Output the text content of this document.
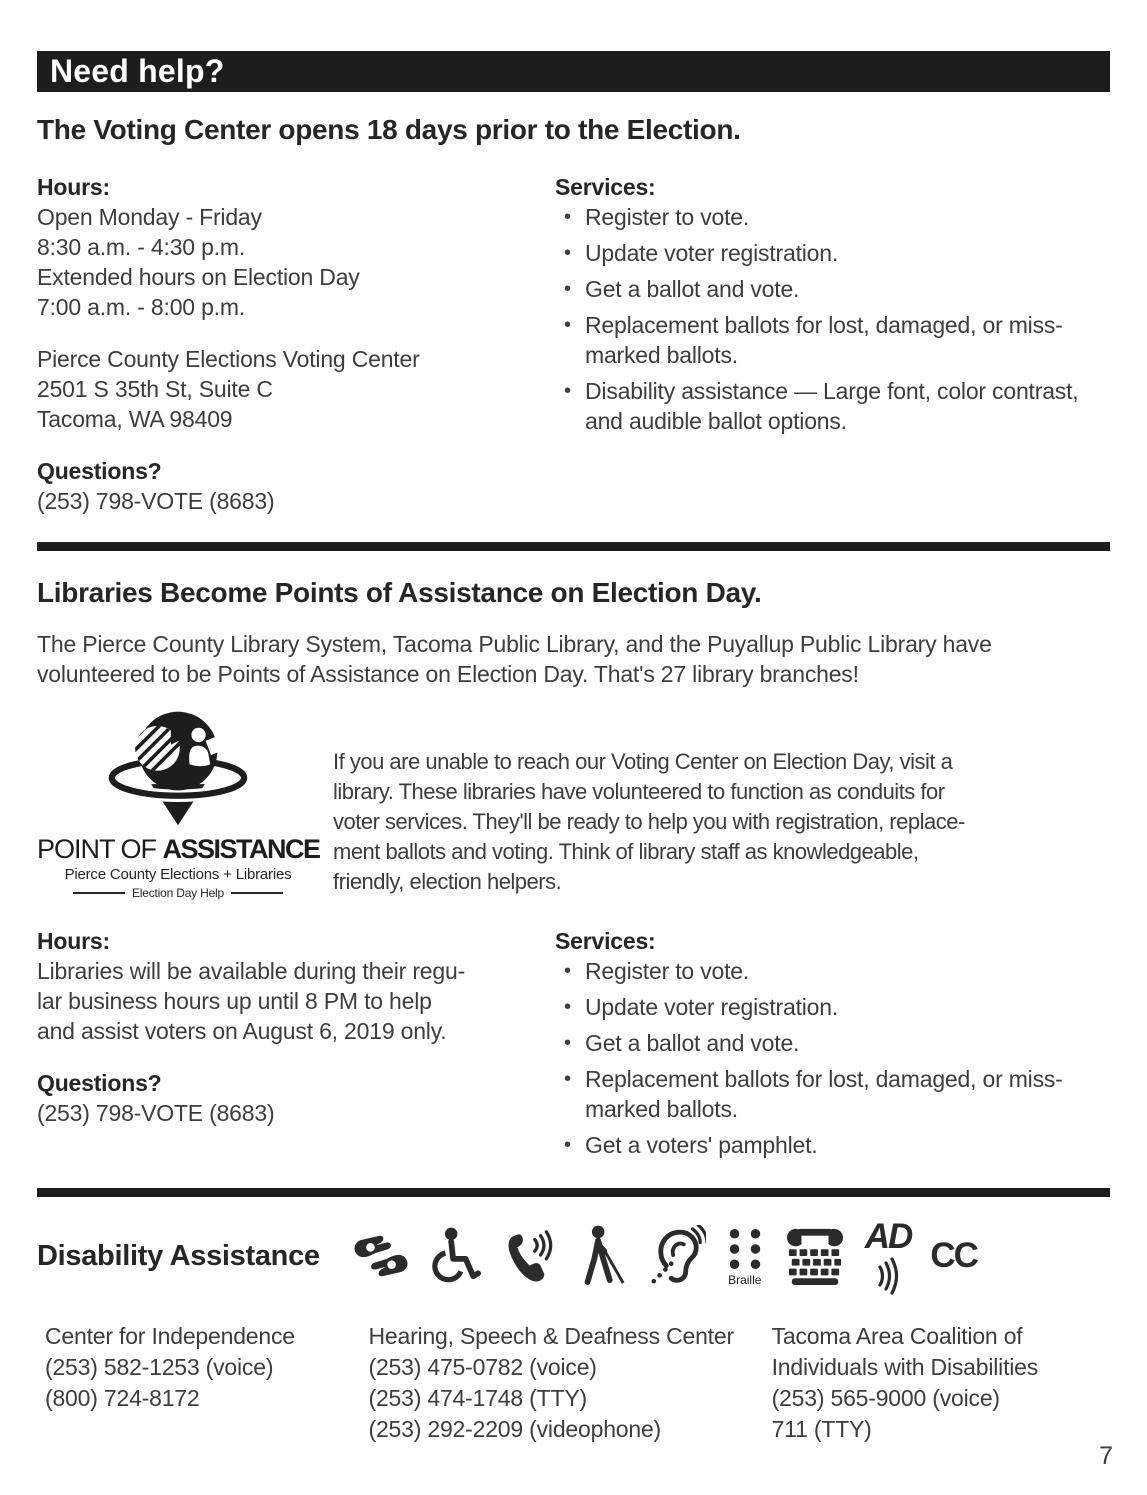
Need help?
The Voting Center opens 18 days prior to the Election.
Hours:
Open Monday - Friday
8:30 a.m. - 4:30 p.m.
Extended hours on Election Day
7:00 a.m. - 8:00 p.m.
Pierce County Elections Voting Center
2501 S 35th St, Suite C
Tacoma, WA 98409
Questions?
(253) 798-VOTE (8683)
Services:
• Register to vote.
• Update voter registration.
• Get a ballot and vote.
• Replacement ballots for lost, damaged, or miss-marked ballots.
• Disability assistance — Large font, color contrast, and audible ballot options.
Libraries Become Points of Assistance on Election Day.
The Pierce County Library System, Tacoma Public Library, and the Puyallup Public Library have
volunteered to be Points of Assistance on Election Day. That's 27 library branches!
POINT OF ASSISTANCE
Pierce County Elections + Libraries
Election Day Help
If you are unable to reach our Voting Center on Election Day, visit a
library. These libraries have volunteered to function as conduits for
voter services. They'll be ready to help you with registration, replace-
ment ballots and voting. Think of library staff as knowledgeable,
friendly, election helpers.
Hours:
Libraries will be available during their regu-
lar business hours up until 8 PM to help
and assist voters on August 6, 2019 only.
Questions?
(253) 798-VOTE (8683)
Services:
• Register to vote.
• Update voter registration.
• Get a ballot and vote.
• Replacement ballots for lost, damaged, or miss-marked ballots.
• Get a voters' pamphlet.
Disability Assistance
Braille
AD CC
Center for Independence
(253) 582-1253 (voice)
(800) 724-8172
Hearing, Speech & Deafness Center
(253) 475-0782 (voice)
(253) 474-1748 (TTY)
(253) 292-2209 (videophone)
Tacoma Area Coalition of
Individuals with Disabilities
(253) 565-9000 (voice)
711 (TTY)
7
